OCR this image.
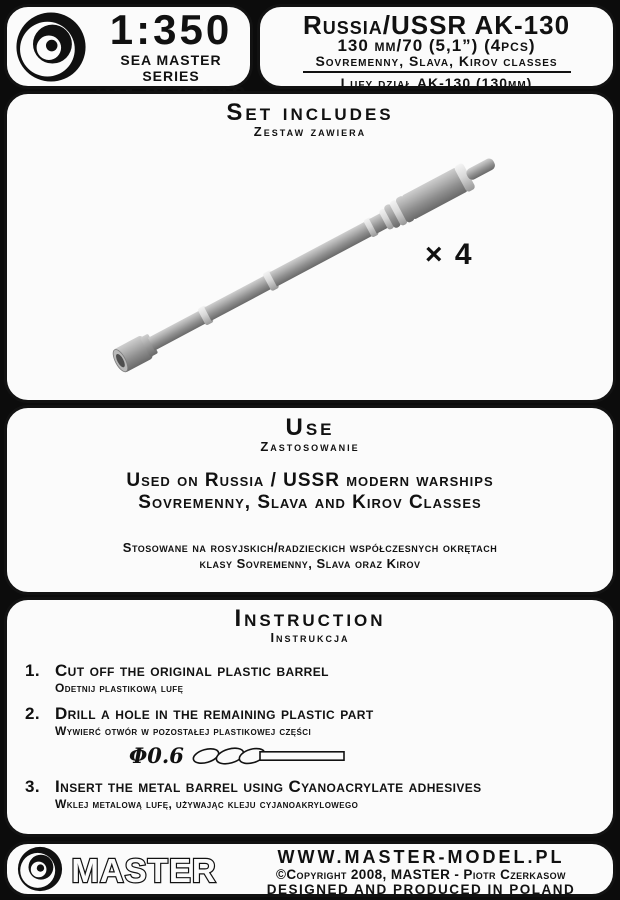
1:350
SEA MASTER SERIES
Russia/USSR AK-130
130 mm/70 (5,1”) (4pcs)
Sovremenny, Slava, Kirov classes
Lufy dział AK-130 (130mm)
Set includes
Zestaw zawiera
× 4
Use
Zastosowanie
Used on Russia / USSR modern warships
Sovremenny, Slava and Kirov Classes
Stosowane na rosyjskich/radzieckich współczesnych okrętach
klasy Sovremenny, Slava oraz Kirov
Instruction
Instrukcja
1. Cut off the original plastic barrel
Odetnij plastikową lufę
2. Drill a hole in the remaining plastic part
Wywierć otwór w pozostałej plastikowej części
Φ0.6
3. Insert the metal barrel using Cyanoacrylate adhesives
Wklej metalową lufę, używając kleju cyjanoakrylowego
MASTER	WWW.MASTER-MODEL.PL
©Copyright 2008, MASTER - Piotr Czerkasow
DESIGNED AND PRODUCED IN POLAND
